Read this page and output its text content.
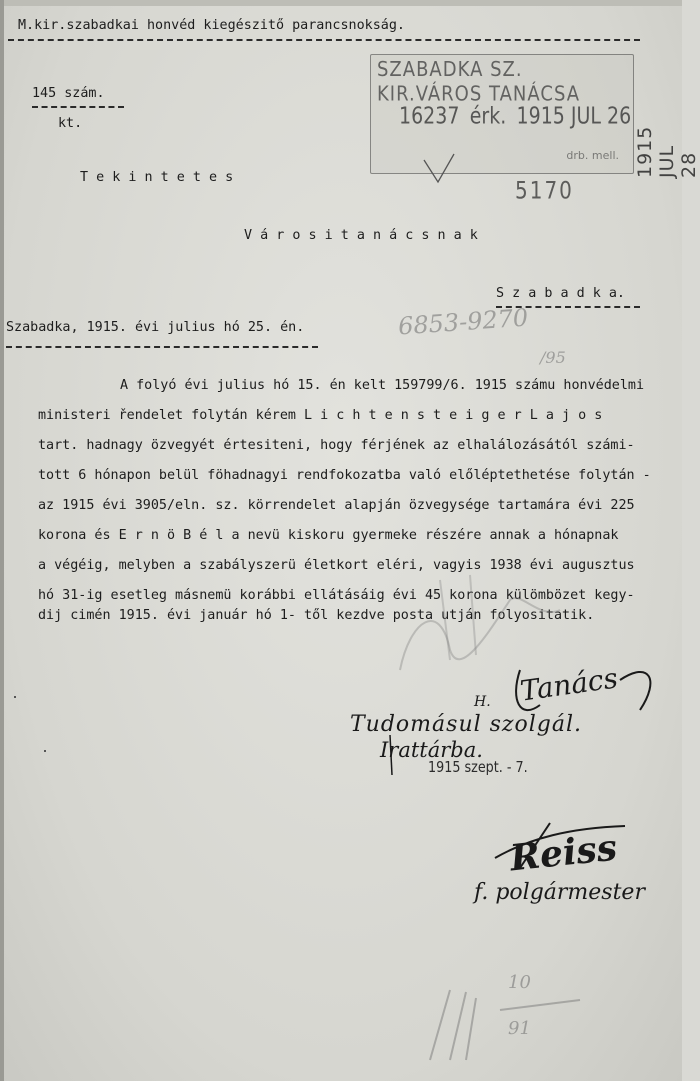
M.kir.szabadkai honvéd kiegészitő parancsnokság.
145 szám.
kt.
SZABADKA SZ. KIR.VÁROS TANÁCSA
16237 érk. 1915 JUL 26
drb. mell. 1915 JUL 28
5170
T e k i n t e t e s
V á r o s i t a n á c s n a k
S z a b a d k a.
Szabadka, 1915. évi julius hó 25. én.	6853-9270
/95
A folyó évi julius hó 15. én kelt 159799/6. 1915 számu honvédelmi
ministeri řendelet folytán kérem L i c h t e n s t e i g e r L a j o s
tart. hadnagy özvegyét értesiteni, hogy férjének az elhalálozásától számi-
tott 6 hónapon belül föhadnagyi rendfokozatba való előléptethetése folytán -
az 1915 évi 3905/eln. sz. körrendelet alapján özvegysége tartamára évi 225
korona és E r n ö B é l a nevü kiskoru gyermeke részére annak a hónapnak
a végéig, melyben a szabályszerü életkort eléri, vagyis 1938 évi augusztus
hó 31-ig esetleg másnemü korábbi ellátásáig évi 45 korona külömbözet kegy-
dij cimén 1915. évi január hó 1- től kezdve posta utján folyositatik.
Tanács
H.
Tudomásul szolgál.
Irattárba.
1915 szept. - 7.
Reiss
f. polgármester
10
91
